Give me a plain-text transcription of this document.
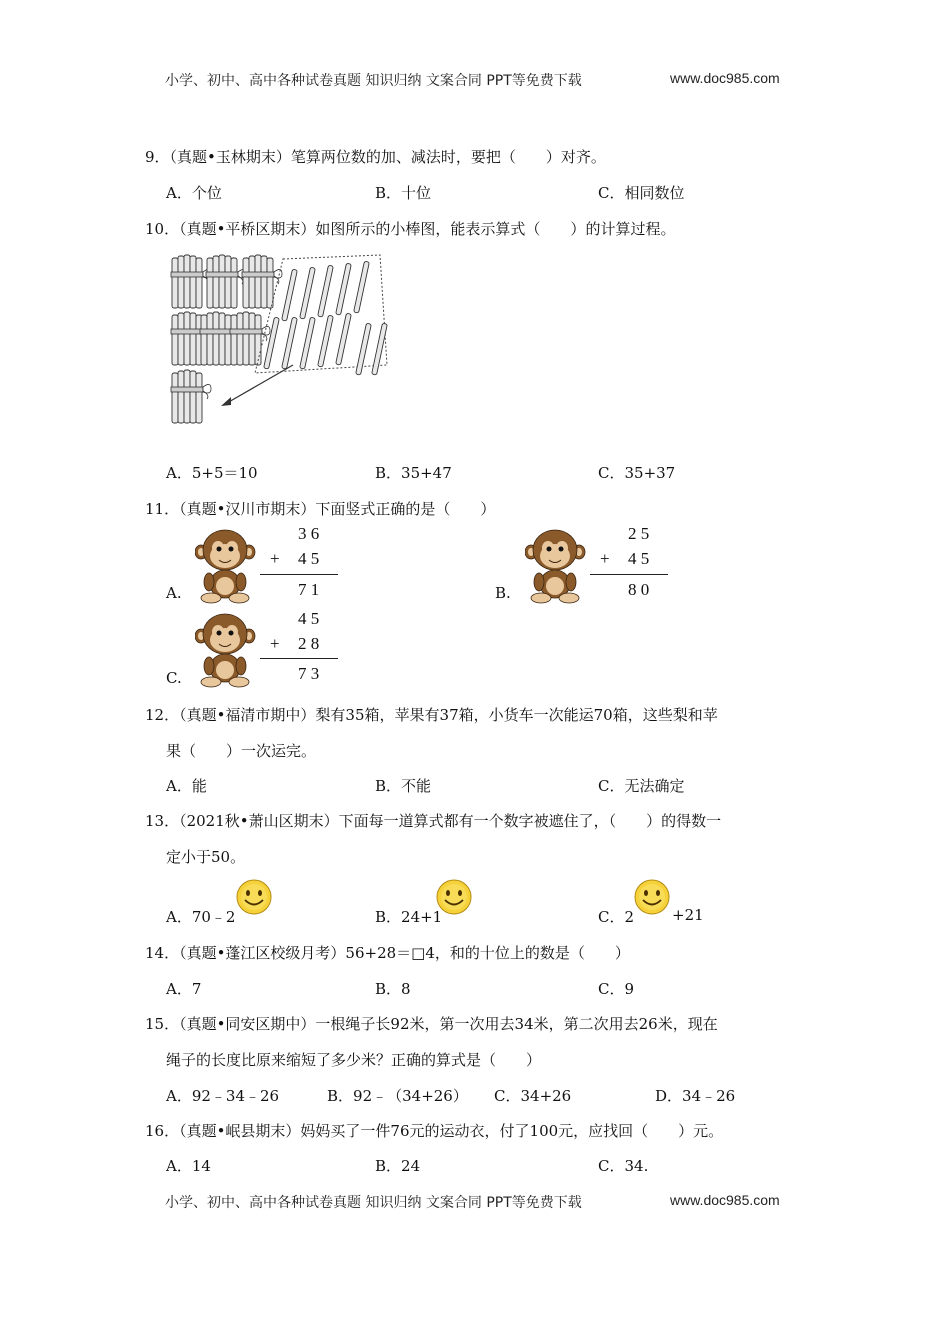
小学、初中、高中各种试卷真题 知识归纳 文案合同 PPT等免费下载	www.doc985.com
9．（真题•玉林期末）笔算两位数的加、减法时，要把（　　）对齐。
A．个位	B．十位	C．相同数位
10．（真题•平桥区期末）如图所示的小棒图，能表示算式（　　）的计算过程。
A．5+5＝10	B．35+47	C．35+37
11．（真题•汉川市期末）下面竖式正确的是（　　）
A.
3 6
+ 4 5
7 1	B.
2 5
+ 4 5
8 0
C.
4 5
+ 2 8
7 3
12．（真题•福清市期中）梨有35箱，苹果有37箱，小货车一次能运70箱，这些梨和苹
果（　　）一次运完。
A．能	B．不能	C．无法确定
13．（2021秋•萧山区期末）下面每一道算式都有一个数字被遮住了，（　　）的得数一
定小于50。
A．70﹣2	B．24+1	C．2	+21
14．（真题•蓬江区校级月考）56+28＝□4，和的十位上的数是（　　）
A．7	B．8	C．9
15．（真题•同安区期中）一根绳子长92米，第一次用去34米，第二次用去26米，现在
绳子的长度比原来缩短了多少米？正确的算式是（　　）
A．92﹣34﹣26	B．92﹣（34+26） C．34+26	D．34﹣26
16．（真题•岷县期末）妈妈买了一件76元的运动衣，付了100元，应找回（　　）元。
A．14	B．24	C．34.
小学、初中、高中各种试卷真题 知识归纳 文案合同 PPT等免费下载	www.doc985.com
